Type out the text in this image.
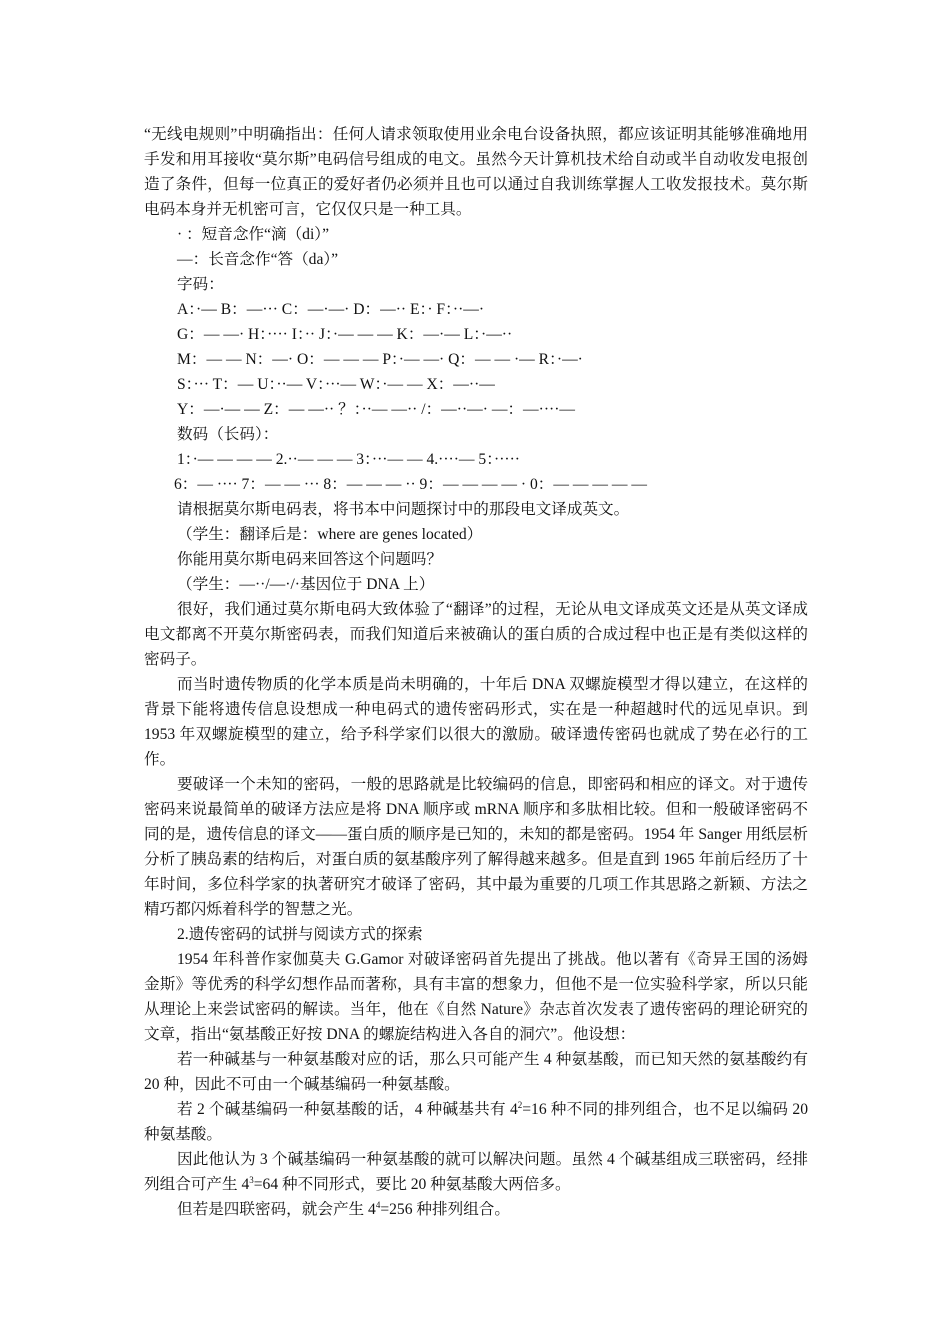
“无线电规则”中明确指出：任何人请求领取使用业余电台设备执照，都应该证明其能够准确地用手发和用耳接收“莫尔斯”电码信号组成的电文。虽然今天计算机技术给自动或半自动收发电报创造了条件，但每一位真正的爱好者仍必须并且也可以通过自我训练掌握人工收发报技术。莫尔斯电码本身并无机密可言，它仅仅只是一种工具。

· ：短音念作“滴（di）”

—：长音念作“答（da）”

字码：

A：·— B：—··· C：—·—· D：—·· E：· F：··—·

G：— —· H：···· I：·· J：·— — — K：—·— L：·—··

M：— — N：—· O：— — — P：·— —· Q：— — ·— R：·—·

S：··· T：— U：··— V：···— W：·— — X：—··—

Y：—·— — Z：— —·· ？：··— —·· /：—··—· —：—····—

数码（长码）：

1：·— — — — 2.··— — — 3：···— — 4.····— 5：·····

6：— ···· 7：— — ··· 8：— — — ·· 9：— — — — · 0：— — — — —

请根据莫尔斯电码表，将书本中问题探讨中的那段电文译成英文。

（学生：翻译后是：where are genes located）

你能用莫尔斯电码来回答这个问题吗？

（学生：—··/—·/·基因位于 DNA 上）

很好，我们通过莫尔斯电码大致体验了“翻译”的过程，无论从电文译成英文还是从英文译成电文都离不开莫尔斯密码表，而我们知道后来被确认的蛋白质的合成过程中也正是有类似这样的密码子。

而当时遗传物质的化学本质是尚未明确的，十年后 DNA 双螺旋模型才得以建立，在这样的背景下能将遗传信息设想成一种电码式的遗传密码形式，实在是一种超越时代的远见卓识。到 1953 年双螺旋模型的建立，给予科学家们以很大的激励。破译遗传密码也就成了势在必行的工作。

要破译一个未知的密码，一般的思路就是比较编码的信息，即密码和相应的译文。对于遗传密码来说最简单的破译方法应是将 DNA 顺序或 mRNA 顺序和多肽相比较。但和一般破译密码不同的是，遗传信息的译文——蛋白质的顺序是已知的，未知的都是密码。1954 年 Sanger 用纸层析分析了胰岛素的结构后，对蛋白质的氨基酸序列了解得越来越多。但是直到 1965 年前后经历了十年时间，多位科学家的执著研究才破译了密码，其中最为重要的几项工作其思路之新颖、方法之精巧都闪烁着科学的智慧之光。

2.遗传密码的试拼与阅读方式的探索

1954 年科普作家伽莫夫 G.Gamor 对破译密码首先提出了挑战。他以著有《奇异王国的汤姆金斯》等优秀的科学幻想作品而著称，具有丰富的想象力，但他不是一位实验科学家，所以只能从理论上来尝试密码的解读。当年，他在《自然 Nature》杂志首次发表了遗传密码的理论研究的文章，指出“氨基酸正好按 DNA 的螺旋结构进入各自的洞穴”。他设想：

若一种碱基与一种氨基酸对应的话，那么只可能产生 4 种氨基酸，而已知天然的氨基酸约有 20 种，因此不可由一个碱基编码一种氨基酸。

若 2 个碱基编码一种氨基酸的话，4 种碱基共有 $4^2=16$ 种不同的排列组合，也不足以编码 20 种氨基酸。

因此他认为 3 个碱基编码一种氨基酸的就可以解决问题。虽然 4 个碱基组成三联密码，经排列组合可产生 $4^3=64$ 种不同形式，要比 20 种氨基酸大两倍多。

但若是四联密码，就会产生 $4^4=256$ 种排列组合。
